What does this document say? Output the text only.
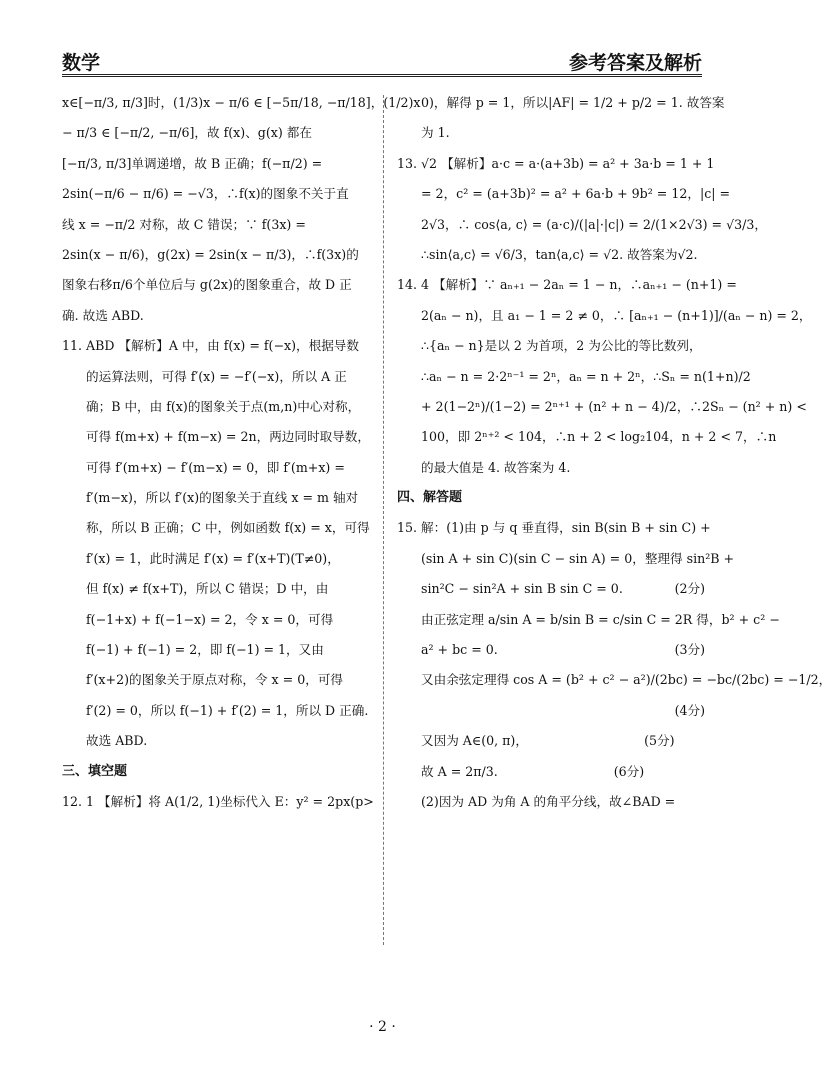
数学	参考答案及解析
x∈[−π/3, π/3]时，(1/3)x − π/6 ∈ [−5π/18, −π/18]，(1/2)x
− π/3 ∈ [−π/2, −π/6]，故 f(x)、g(x) 都在
[−π/3, π/3]单调递增，故 B 正确；f(−π/2) =
2sin(−π/6 − π/6) = −√3，∴f(x)的图象不关于直
线 x = −π/2 对称，故 C 错误；∵ f(3x) =
2sin(x − π/6)，g(2x) = 2sin(x − π/3)，∴f(3x)的
图象右移π/6个单位后与 g(2x)的图象重合，故 D 正
确. 故选 ABD.
11. ABD 【解析】A 中，由 f(x) = f(−x)，根据导数
的运算法则，可得 f′(x) = −f′(−x)，所以 A 正
确；B 中，由 f(x)的图象关于点(m,n)中心对称，
可得 f(m+x) + f(m−x) = 2n，两边同时取导数，
可得 f′(m+x) − f′(m−x) = 0，即 f′(m+x) =
f′(m−x)，所以 f′(x)的图象关于直线 x = m 轴对
称，所以 B 正确；C 中，例如函数 f(x) = x，可得
f′(x) = 1，此时满足 f′(x) = f′(x+T)(T≠0)，
但 f(x) ≠ f(x+T)，所以 C 错误；D 中，由
f(−1+x) + f(−1−x) = 2，令 x = 0，可得
f(−1) + f(−1) = 2，即 f(−1) = 1，又由
f′(x+2)的图象关于原点对称，令 x = 0，可得
f′(2) = 0，所以 f(−1) + f′(2) = 1，所以 D 正确.
故选 ABD.
三、填空题
12. 1 【解析】将 A(1/2, 1)坐标代入 E：y² = 2px(p>
0)，解得 p = 1，所以|AF| = 1/2 + p/2 = 1. 故答案
为 1.
13. √2 【解析】a·c = a·(a+3b) = a² + 3a·b = 1 + 1
= 2，c² = (a+3b)² = a² + 6a·b + 9b² = 12，|c| =
2√3，∴ cos⟨a, c⟩ = (a·c)/(|a|·|c|) = 2/(1×2√3) = √3/3，
∴sin⟨a,c⟩ = √6/3，tan⟨a,c⟩ = √2. 故答案为√2.
14. 4 【解析】∵ aₙ₊₁ − 2aₙ = 1 − n，∴aₙ₊₁ − (n+1) =
2(aₙ − n)，且 a₁ − 1 = 2 ≠ 0，∴ [aₙ₊₁ − (n+1)]/(aₙ − n) = 2，
∴{aₙ − n}是以 2 为首项，2 为公比的等比数列，
∴aₙ − n = 2·2ⁿ⁻¹ = 2ⁿ，aₙ = n + 2ⁿ，∴Sₙ = n(1+n)/2
+ 2(1−2ⁿ)/(1−2) = 2ⁿ⁺¹ + (n² + n − 4)/2，∴2Sₙ − (n² + n) <
100，即 2ⁿ⁺² < 104，∴n + 2 < log₂104，n + 2 < 7，∴n
的最大值是 4. 故答案为 4.
四、解答题
15. 解：(1)由 p 与 q 垂直得，sin B(sin B + sin C) +
(sin A + sin C)(sin C − sin A) = 0，整理得 sin²B +
sin²C − sin²A + sin B sin C = 0.	(2分)
由正弦定理 a/sin A = b/sin B = c/sin C = 2R 得，b² + c² −
a² + bc = 0.	(3分)
又由余弦定理得 cos A = (b² + c² − a²)/(2bc) = −bc/(2bc) = −1/2，
(4分)
又因为 A∈(0, π)，	(5分)
故 A = 2π/3.	(6分)
(2)因为 AD 为角 A 的角平分线，故∠BAD =
· 2 ·
